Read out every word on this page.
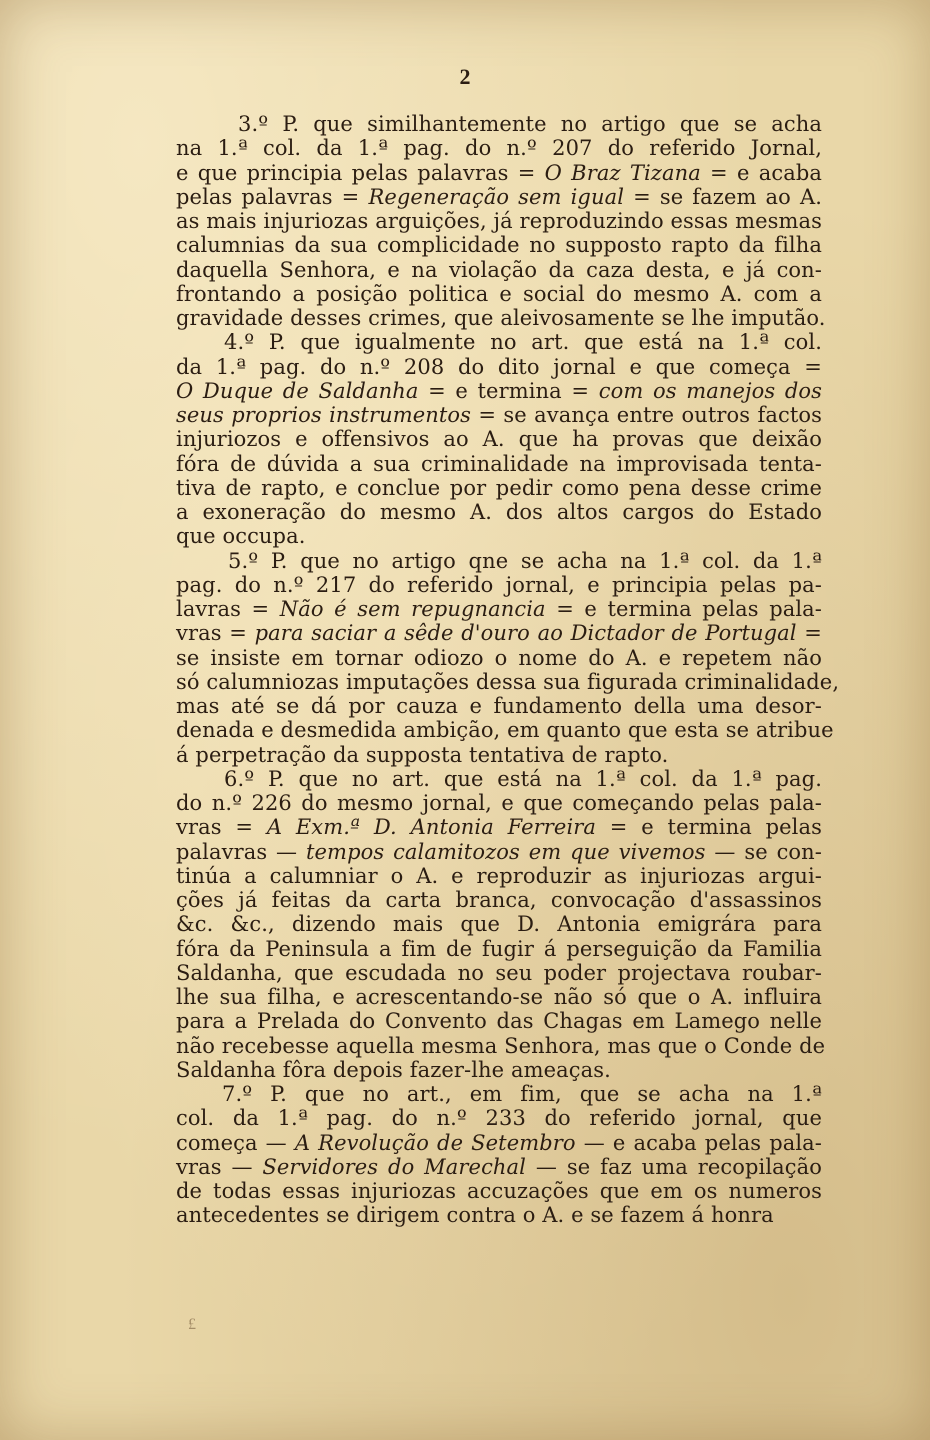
2
3.º P. que similhantemente no artigo que se acha
na 1.ª col. da 1.ª pag. do n.º 207 do referido Jornal,
e que principia pelas palavras = O Braz Tizana = e acaba
pelas palavras = Regeneração sem igual = se fazem ao A.
as mais injuriozas arguições, já reproduzindo essas mesmas
calumnias da sua complicidade no supposto rapto da filha
daquella Senhora, e na violação da caza desta, e já con-
frontando a posição politica e social do mesmo A. com a
gravidade desses crimes, que aleivosamente se lhe imputão.
4.º P. que igualmente no art. que está na 1.ª col.
da 1.ª pag. do n.º 208 do dito jornal e que começa =
O Duque de Saldanha = e termina = com os manejos dos
seus proprios instrumentos = se avança entre outros factos
injuriozos e offensivos ao A. que ha provas que deixão
fóra de dúvida a sua criminalidade na improvisada tenta-
tiva de rapto, e conclue por pedir como pena desse crime
a exoneração do mesmo A. dos altos cargos do Estado
que occupa.
5.º P. que no artigo qne se acha na 1.ª col. da 1.ª
pag. do n.º 217 do referido jornal, e principia pelas pa-
lavras = Não é sem repugnancia = e termina pelas pala-
vras = para saciar a sêde d'ouro ao Dictador de Portugal =
se insiste em tornar odiozo o nome do A. e repetem não
só calumniozas imputações dessa sua figurada criminalidade,
mas até se dá por cauza e fundamento della uma desor-
denada e desmedida ambição, em quanto que esta se atribue
á perpetração da supposta tentativa de rapto.
6.º P. que no art. que está na 1.ª col. da 1.ª pag.
do n.º 226 do mesmo jornal, e que começando pelas pala-
vras = A Exm.ª D. Antonia Ferreira = e termina pelas
palavras — tempos calamitozos em que vivemos — se con-
tinúa a calumniar o A. e reproduzir as injuriozas argui-
ções já feitas da carta branca, convocação d'assassinos
&c. &c., dizendo mais que D. Antonia emigrára para
fóra da Peninsula a fim de fugir á perseguição da Familia
Saldanha, que escudada no seu poder projectava roubar-
lhe sua filha, e acrescentando-se não só que o A. influira
para a Prelada do Convento das Chagas em Lamego nelle
não recebesse aquella mesma Senhora, mas que o Conde de
Saldanha fôra depois fazer-lhe ameaças.
7.º P. que no art., em fim, que se acha na 1.ª
col. da 1.ª pag. do n.º 233 do referido jornal, que
começa — A Revolução de Setembro — e acaba pelas pala-
vras — Servidores do Marechal — se faz uma recopilação
de todas essas injuriozas accuzações que em os numeros
antecedentes se dirigem contra o A. e se fazem á honra
£
